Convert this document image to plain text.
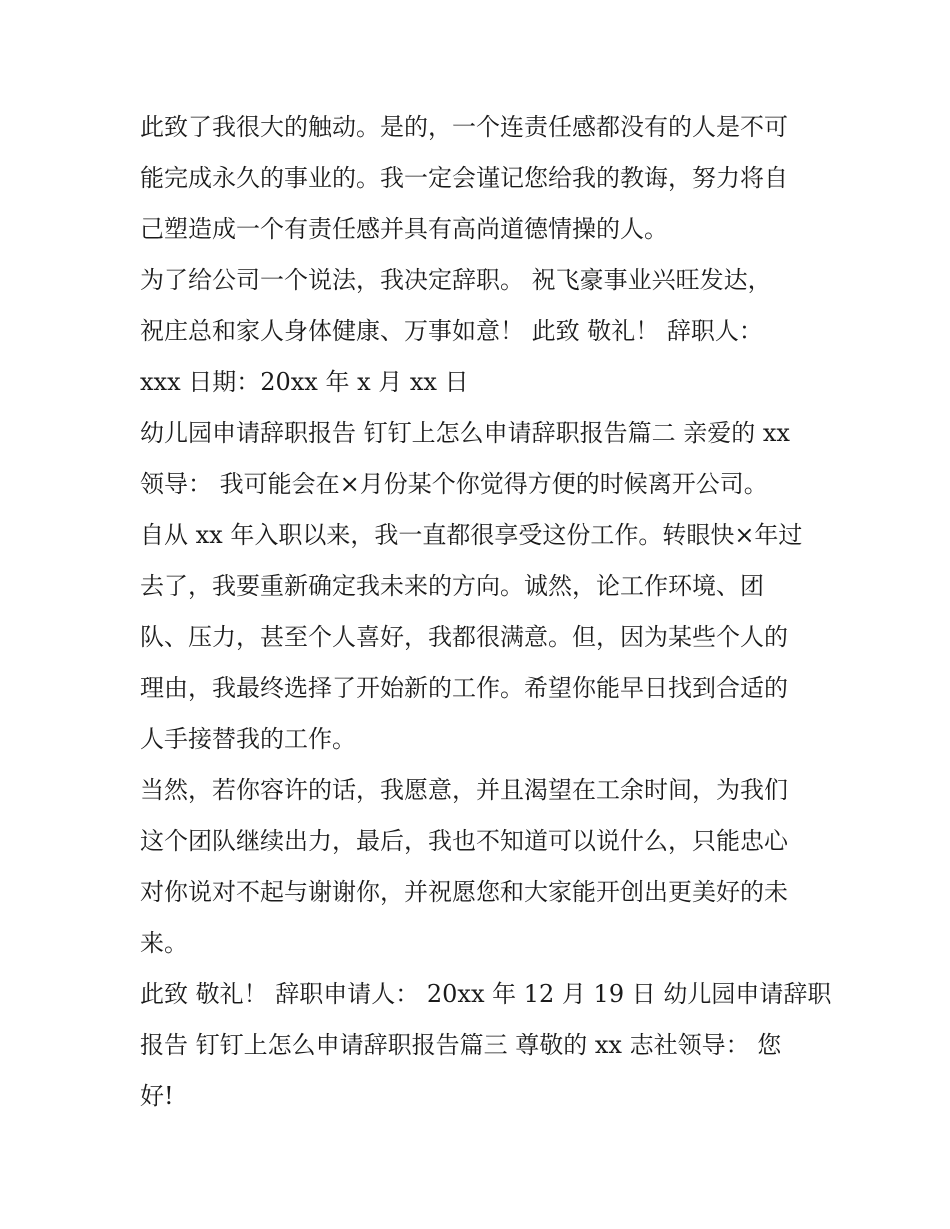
此致了我很大的触动。是的，一个连责任感都没有的人是不可
能完成永久的事业的。我一定会谨记您给我的教诲，努力将自
己塑造成一个有责任感并具有高尚道德情操的人。
为了给公司一个说法，我决定辞职。 祝飞豪事业兴旺发达，
祝庄总和家人身体健康、万事如意！ 此致 敬礼！ 辞职人：
xxx 日期：20xx 年 x 月 xx 日
幼儿园申请辞职报告 钉钉上怎么申请辞职报告篇二 亲爱的 xx
领导： 我可能会在×月份某个你觉得方便的时候离开公司。
自从 xx 年入职以来，我一直都很享受这份工作。转眼快×年过
去了，我要重新确定我未来的方向。诚然，论工作环境、团
队、压力，甚至个人喜好，我都很满意。但，因为某些个人的
理由，我最终选择了开始新的工作。希望你能早日找到合适的
人手接替我的工作。
当然，若你容许的话，我愿意，并且渴望在工余时间，为我们
这个团队继续出力，最后，我也不知道可以说什么，只能忠心
对你说对不起与谢谢你，并祝愿您和大家能开创出更美好的未
来。
此致 敬礼！ 辞职申请人： 20xx 年 12 月 19 日 幼儿园申请辞职
报告 钉钉上怎么申请辞职报告篇三 尊敬的 xx 志社领导： 您
好!
